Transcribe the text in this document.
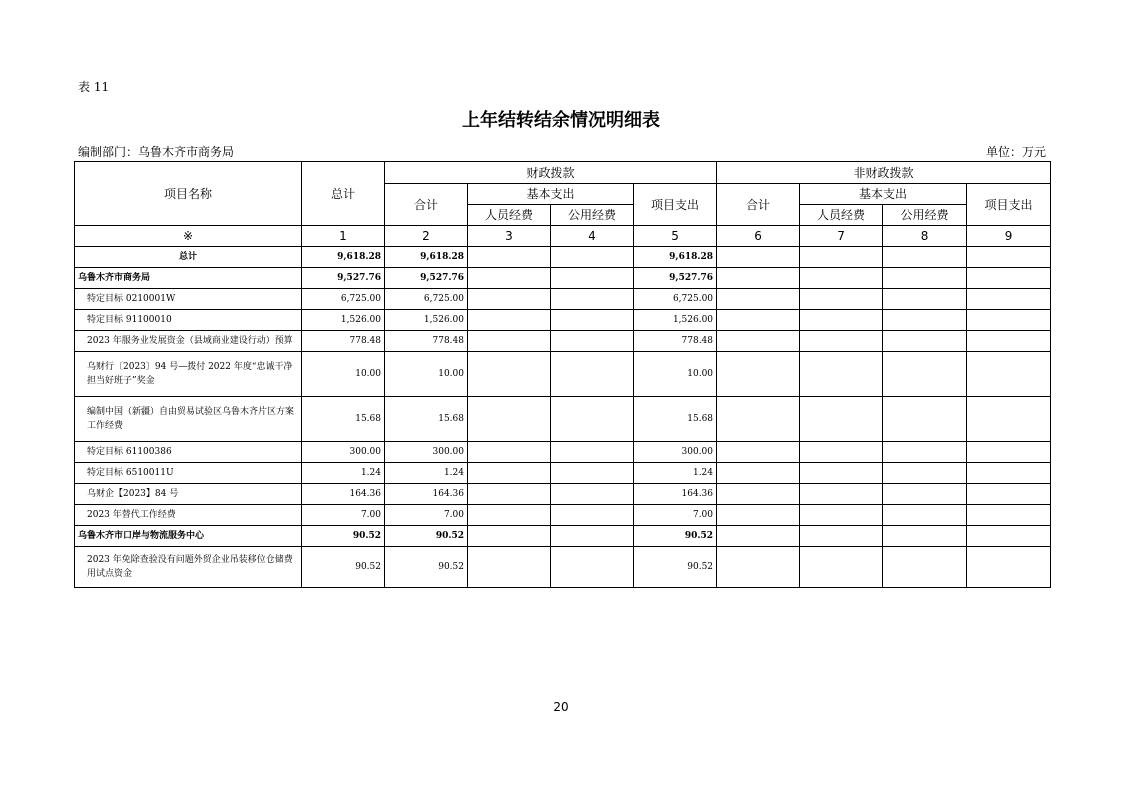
表 11
上年结转结余情况明细表
编制部门：乌鲁木齐市商务局	单位：万元
项目名称	总计	财政拨款				非财政拨款			
		合计	基本支出		项目支出	合计	基本支出		项目支出
			人员经费	公用经费			人员经费	公用经费	
※	1	2	3	4	5	6	7	8	9
总计	9,618.28	9,618.28			9,618.28				
乌鲁木齐市商务局	9,527.76	9,527.76			9,527.76				
特定目标 0210001W	6,725.00	6,725.00			6,725.00				
特定目标 91100010	1,526.00	1,526.00			1,526.00				
2023 年服务业发展资金（县域商业建设行动）预算	778.48	778.48			778.48				
乌财行〔2023〕94 号—拨付 2022 年度“忠诚干净担当好班子”奖金	10.00	10.00			10.00				
编制中国（新疆）自由贸易试验区乌鲁木齐片区方案工作经费	15.68	15.68			15.68				
特定目标 61100386	300.00	300.00			300.00				
特定目标 6510011U	1.24	1.24			1.24				
乌财企【2023】84 号	164.36	164.36			164.36				
2023 年替代工作经费	7.00	7.00			7.00				
乌鲁木齐市口岸与物流服务中心	90.52	90.52			90.52				
2023 年免除查验没有问题外贸企业吊装移位仓储费用试点资金	90.52	90.52			90.52				
20
